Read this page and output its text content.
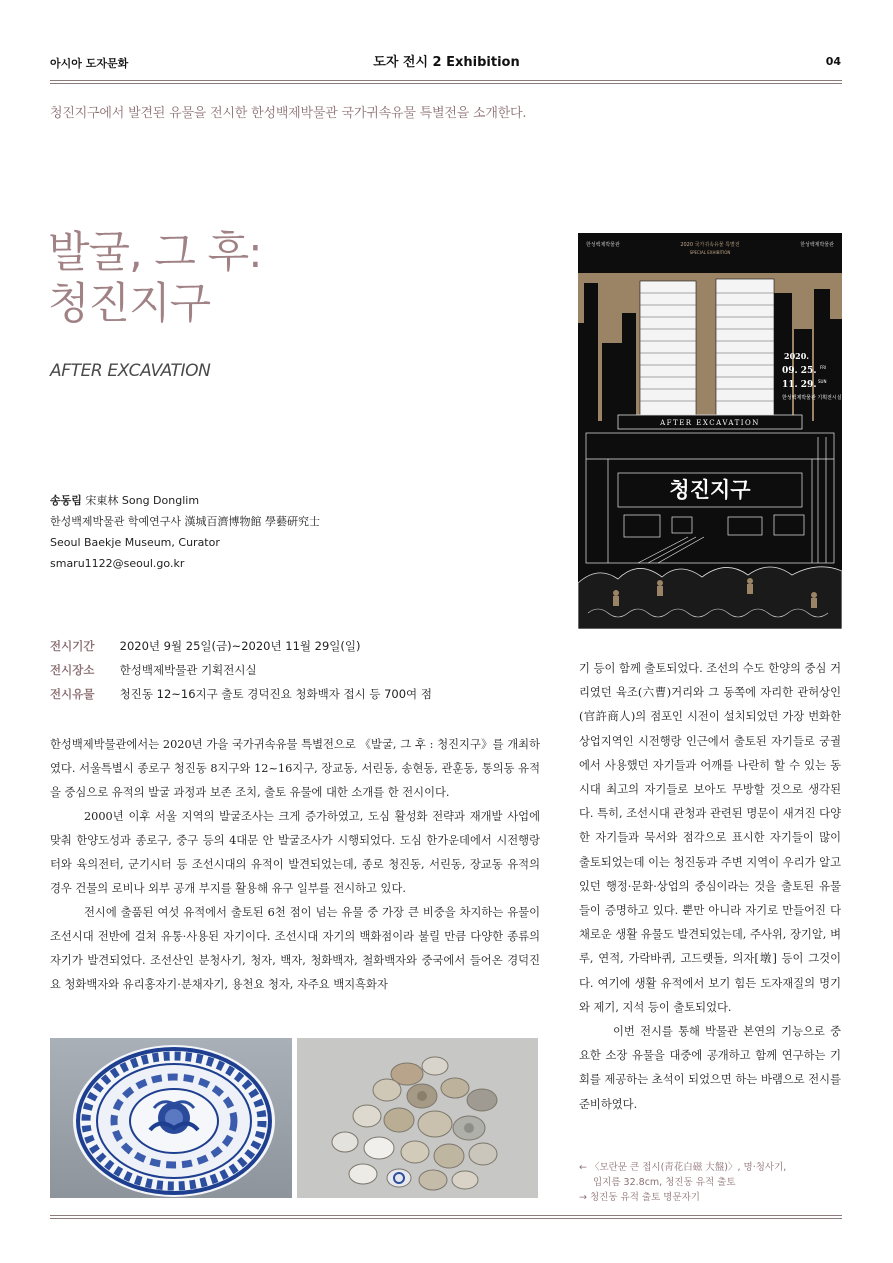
아시아 도자문화	도자 전시 2 Exhibition	04
청진지구에서 발견된 유물을 전시한 한성백제박물관 국가귀속유물 특별전을 소개한다.
발굴, 그 후:
청진지구
AFTER EXCAVATION
송동림 宋東林 Song Donglim
한성백제박물관 학예연구사 漢城百濟博物館 學藝硏究士
Seoul Baekje Museum, Curator
smaru1122@seoul.go.kr
전시기간 2020년 9월 25일(금)~2020년 11월 29일(일)
전시장소 한성백제박물관 기획전시실
전시유물 청진동 12~16지구 출토 경덕진요 청화백자 접시 등 700여 점

한성백제박물관에서는 2020년 가을 국가귀속유물 특별전으로 《발굴, 그 후 : 청진지구》를 개최하였다. 서울특별시 종로구 청진동 8지구와 12~16지구, 장교동, 서린동, 송현동, 관훈동, 통의동 유적을 중심으로 유적의 발굴 과정과 보존 조치, 출토 유물에 대한 소개를 한 전시이다.

2000년 이후 서울 지역의 발굴조사는 크게 증가하였고, 도심 활성화 전략과 재개발 사업에 맞춰 한양도성과 종로구, 중구 등의 4대문 안 발굴조사가 시행되었다. 도심 한가운데에서 시전행랑터와 육의전터, 군기시터 등 조선시대의 유적이 발견되었는데, 종로 청진동, 서린동, 장교동 유적의 경우 건물의 로비나 외부 공개 부지를 활용해 유구 일부를 전시하고 있다.

전시에 출품된 여섯 유적에서 출토된 6천 점이 넘는 유물 중 가장 큰 비중을 차지하는 유물이 조선시대 전반에 걸쳐 유통·사용된 자기이다. 조선시대 자기의 백화점이라 불릴 만큼 다양한 종류의 자기가 발견되었다. 조선산인 분청사기, 청자, 백자, 청화백자, 철화백자와 중국에서 들어온 경덕진요 청화백자와 유리홍자기·분채자기, 용천요 청자, 자주요 백지흑화자

한성백제박물관	2020 국가귀속유물 특별전
SPECIAL EXHIBITION
한성백제박물관
2020.
09. 25. FRI
11. 29. SUN
한성백제박물관 기획전시실
AFTER EXCAVATION
청진지구

기 등이 함께 출토되었다. 조선의 수도 한양의 중심 거리였던 육조(六曹)거리와 그 동쪽에 자리한 관허상인(官許商人)의 점포인 시전이 설치되었던 가장 번화한 상업지역인 시전행랑 인근에서 출토된 자기들로 궁궐에서 사용했던 자기들과 어깨를 나란히 할 수 있는 동시대 최고의 자기들로 보아도 무방할 것으로 생각된다. 특히, 조선시대 관청과 관련된 명문이 새겨진 다양한 자기들과 묵서와 점각으로 표시한 자기들이 많이 출토되었는데 이는 청진동과 주변 지역이 우리가 알고 있던 행정·문화·상업의 중심이라는 것을 출토된 유물들이 증명하고 있다. 뿐만 아니라 자기로 만들어진 다채로운 생활 유물도 발견되었는데, 주사위, 장기알, 벼루, 연적, 가락바퀴, 고드랫돌, 의자[墩] 등이 그것이다. 여기에 생활 유적에서 보기 힘든 도자재질의 명기와 제기, 지석 등이 출토되었다.

이번 전시를 통해 박물관 본연의 기능으로 중요한 소장 유물을 대중에 공개하고 함께 연구하는 기회를 제공하는 초석이 되었으면 하는 바램으로 전시를 준비하였다.

← 〈모란문 큰 접시(靑花白磁 大盤)〉, 명·청사기,
입지름 32.8cm, 청진동 유적 출토
→ 청진동 유적 출토 명문자기
